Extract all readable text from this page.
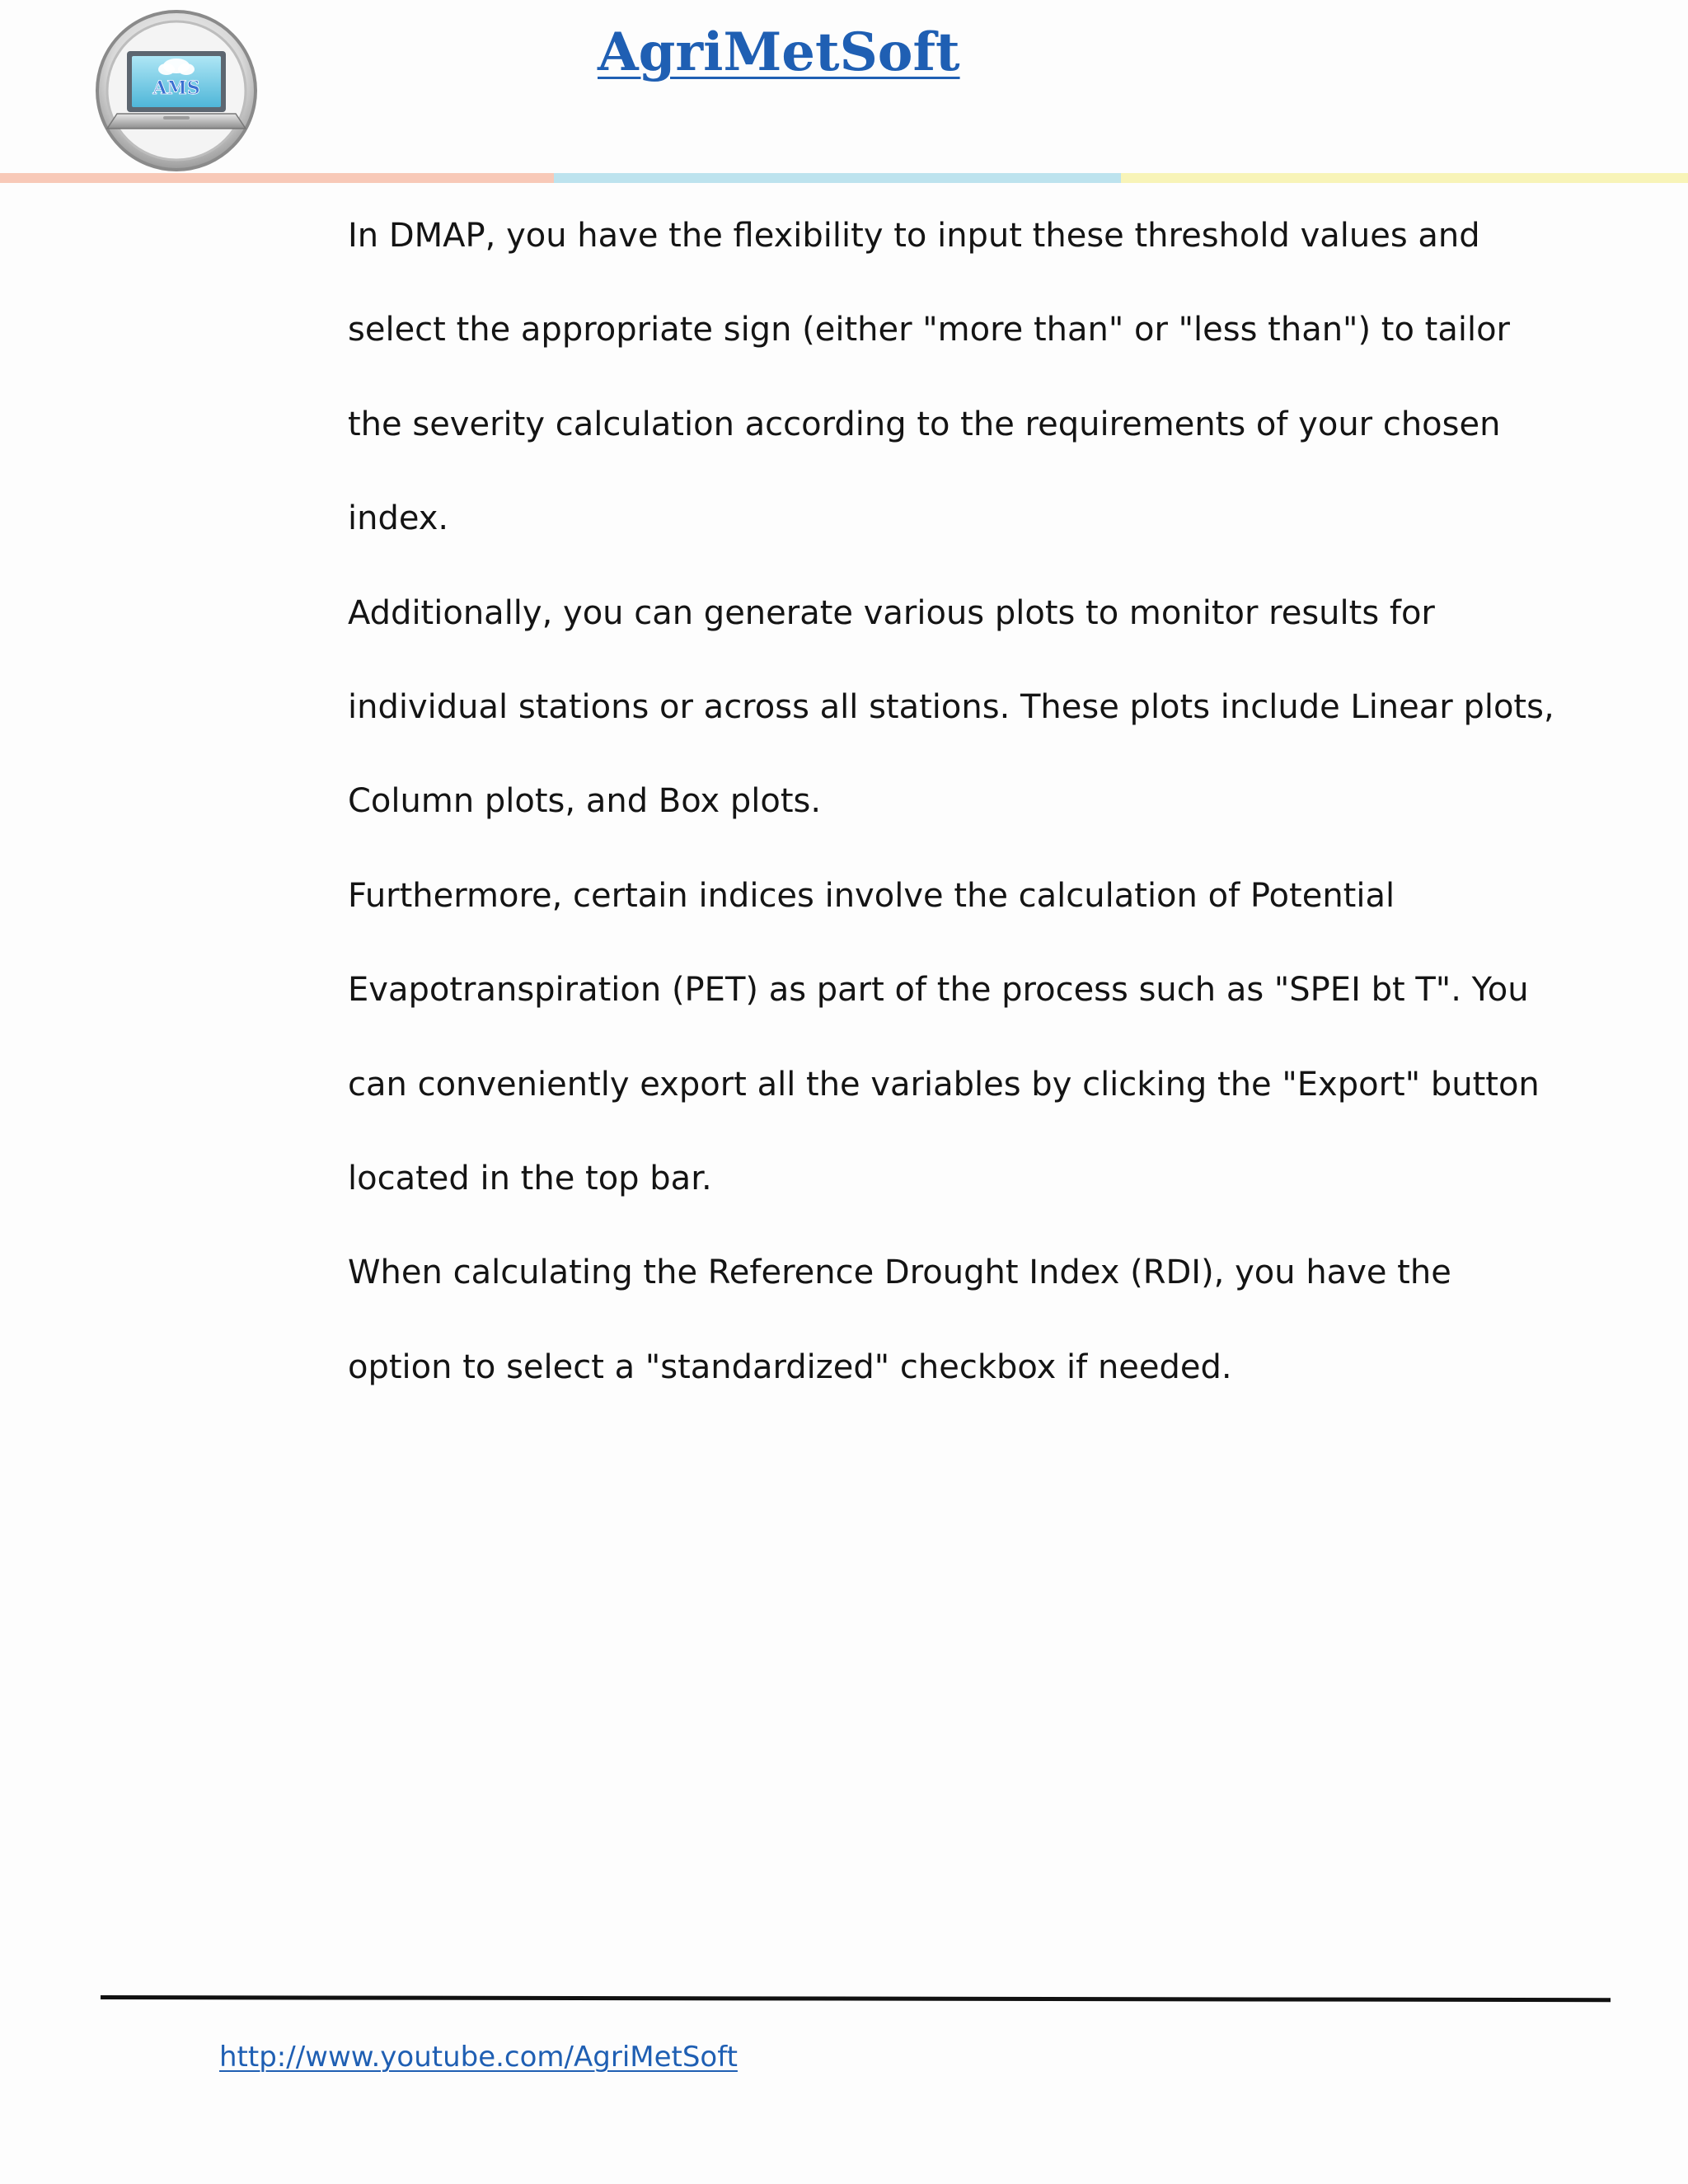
AMS
AgriMetSoft
In DMAP, you have the flexibility to input these threshold values and
select the appropriate sign (either "more than" or "less than") to tailor
the severity calculation according to the requirements of your chosen
index.
Additionally, you can generate various plots to monitor results for
individual stations or across all stations. These plots include Linear plots,
Column plots, and Box plots.
Furthermore, certain indices involve the calculation of Potential
Evapotranspiration (PET) as part of the process such as "SPEI bt T". You
can conveniently export all the variables by clicking the "Export" button
located in the top bar.
When calculating the Reference Drought Index (RDI), you have the
option to select a "standardized" checkbox if needed.
http://www.youtube.com/AgriMetSoft
